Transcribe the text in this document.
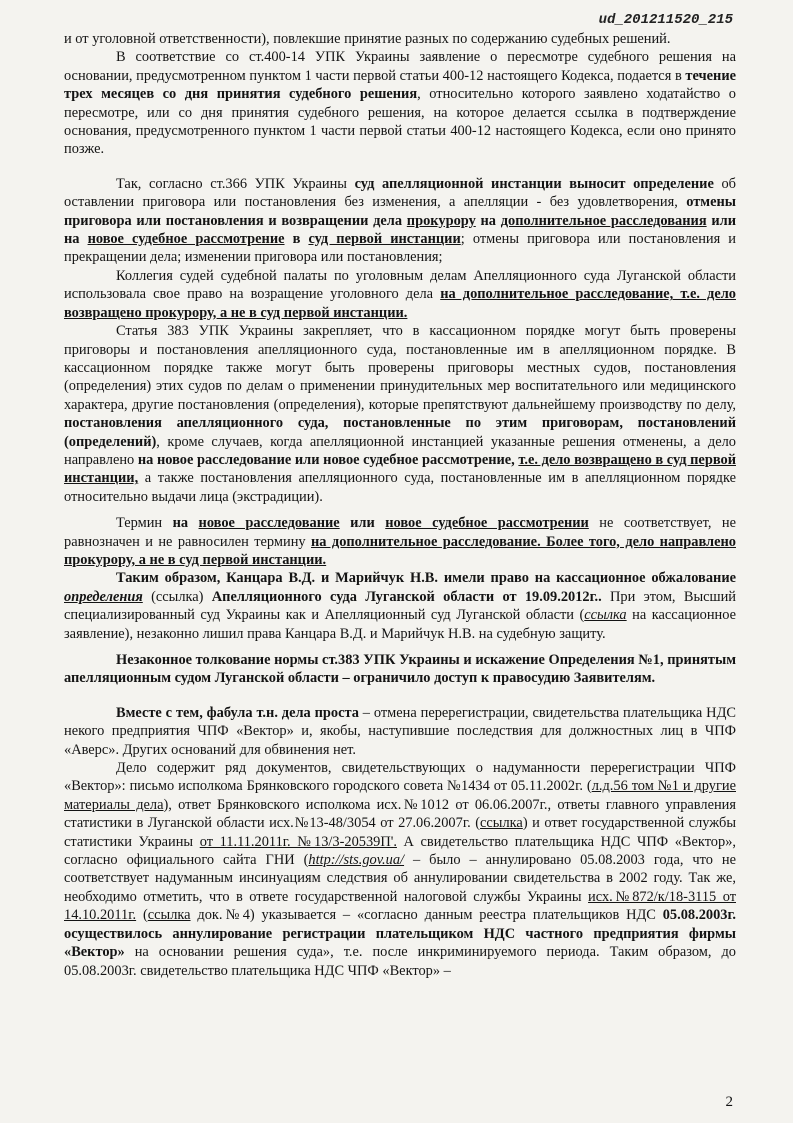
ud_201211520_215

и от уголовной ответственности), повлекшие принятие разных по содержанию судебных решений.

В соответствие со ст.400-14 УПК Украины заявление о пересмотре судебного решения на основании, предусмотренном пунктом 1 части первой статьи 400-12 настоящего Кодекса, подается в течение трех месяцев со дня принятия судебного решения, относительно которого заявлено ходатайство о пересмотре, или со дня принятия судебного решения, на которое делается ссылка в подтверждение основания, предусмотренного пунктом 1 части первой статьи 400-12 настоящего Кодекса, если оно принято позже.

Так, согласно ст.366 УПК Украины суд апелляционной инстанции выносит определение об оставлении приговора или постановления без изменения, а апелляции - без удовлетворения, отмены приговора или постановления и возвращении дела прокурору на дополнительное расследования или на новое судебное рассмотрение в суд первой инстанции; отмены приговора или постановления и прекращении дела; изменении приговора или постановления;

Коллегия судей судебной палаты по уголовным делам Апелляционного суда Луганской области использовала свое право на возращение уголовного дела на дополнительное расследование, т.е. дело возвращено прокурору, а не в суд первой инстанции.

Статья 383 УПК Украины закрепляет, что в кассационном порядке могут быть проверены приговоры и постановления апелляционного суда, постановленные им в апелляционном порядке. В кассационном порядке также могут быть проверены приговоры местных судов, постановления (определения) этих судов по делам о применении принудительных мер воспитательного или медицинского характера, другие постановления (определения), которые препятствуют дальнейшему производству по делу, постановления апелляционного суда, постановленные по этим приговорам, постановлений (определений), кроме случаев, когда апелляционной инстанцией указанные решения отменены, а дело направлено на новое расследование или новое судебное рассмотрение, т.е. дело возвращено в суд первой инстанции, а также постановления апелляционного суда, постановленные им в апелляционном порядке относительно выдачи лица (экстрадиции).

Термин на новое расследование или новое судебное рассмотрении не соответствует, не равнозначен и не равносилен термину на дополнительное расследование. Более того, дело направлено прокурору, а не в суд первой инстанции.

Таким образом, Канцара В.Д. и Марийчук Н.В. имели право на кассационное обжалование определения (ссылка) Апелляционного суда Луганской области от 19.09.2012г.. При этом, Высший специализированный суд Украины как и Апелляционный суд Луганской области (ссылка на кассационное заявление), незаконно лишил права Канцара В.Д. и Марийчук Н.В. на судебную защиту.

Незаконное толкование нормы ст.383 УПК Украины и искажение Определения №1, принятым апелляционным судом Луганской области – ограничило доступ к правосудию Заявителям.

Вместе с тем, фабула т.н. дела проста – отмена перерегистрации, свидетельства плательщика НДС некого предприятия ЧПФ «Вектор» и, якобы, наступившие последствия для должностных лиц в ЧПФ «Аверс». Других оснований для обвинения нет.

Дело содержит ряд документов, свидетельствующих о надуманности перерегистрации ЧПФ «Вектор»: письмо исполкома Брянковского городского совета №1434 от 05.11.2002г. (л.д.56 том №1 и другие материалы дела), ответ Брянковского исполкома исх.№1012 от 06.06.2007г., ответы главного управления статистики в Луганской области исх.№13-48/3054 от 27.06.2007г. (ссылка) и ответ государственной службы статистики Украины от 11.11.2011г. №13/3-20539П'. А свидетельство плательщика НДС ЧПФ «Вектор», согласно официального сайта ГНИ (http://sts.gov.ua/ – было – аннулировано 05.08.2003 года, что не соответствует надуманным инсинуациям следствия об аннулировании свидетельства в 2002 году. Так же, необходимо отметить, что в ответе государственной налоговой службы Украины исх.№872/к/18-3115 от 14.10.2011г. (ссылка док.№4) указывается – «согласно данным реестра плательщиков НДС 05.08.2003г. осуществилось аннулирование регистрации плательщиком НДС частного предприятия фирмы «Вектор» на основании решения суда», т.е. после инкриминируемого периода. Таким образом, до 05.08.2003г. свидетельство плательщика НДС ЧПФ «Вектор» –

2
